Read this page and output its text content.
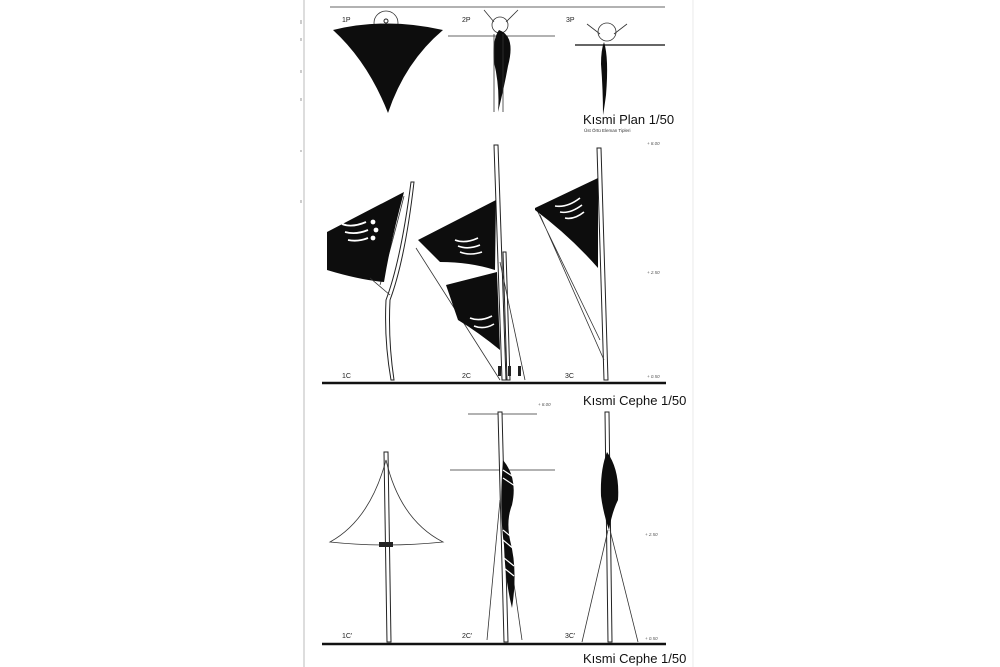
1P	2P	3P
Kısmi Plan 1/50
Üst Örtü Eleman Tipleri
1C	2C	3C
+ 8.00
+ 2.50
+ 0.50
Kısmi Cephe 1/50
1C'	2C'	3C'
+ 8.00
+ 2.50
+ 0.50
Kısmi Cephe 1/50
